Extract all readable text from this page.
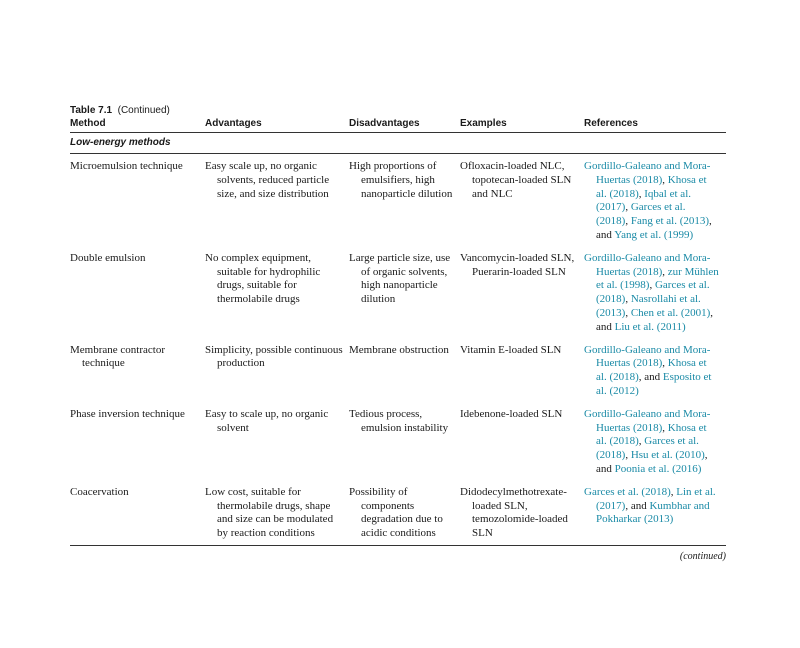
Table 7.1 (Continued)

Method	Advantages	Disadvantages	Examples	References
Low-energy methods				

Microemulsion technique	Easy scale up, no organic solvents, reduced particle size, and size distribution	High proportions of emulsifiers, high nanoparticle dilution	Ofloxacin-loaded NLC, topotecan-loaded SLN and NLC	Gordillo-Galeano and Mora-Huertas (2018), Khosa et al. (2018), Iqbal et al. (2017), Garces et al. (2018), Fang et al. (2013), and Yang et al. (1999)

Double emulsion	No complex equipment, suitable for hydrophilic drugs, suitable for thermolabile drugs	Large particle size, use of organic solvents, high nanoparticle dilution	Vancomycin-loaded SLN, Puerarin-loaded SLN	Gordillo-Galeano and Mora-Huertas (2018), zur Mühlen et al. (1998), Garces et al. (2018), Nasrollahi et al. (2013), Chen et al. (2001), and Liu et al. (2011)

Membrane contractor technique	Simplicity, possible continuous production	Membrane obstruction	Vitamin E-loaded SLN	Gordillo-Galeano and Mora-Huertas (2018), Khosa et al. (2018), and Esposito et al. (2012)

Phase inversion technique	Easy to scale up, no organic solvent	Tedious process, emulsion instability	Idebenone-loaded SLN	Gordillo-Galeano and Mora-Huertas (2018), Khosa et al. (2018), Garces et al. (2018), Hsu et al. (2010), and Poonia et al. (2016)

Coacervation	Low cost, suitable for thermolabile drugs, shape and size can be modulated by reaction conditions	Possibility of components degradation due to acidic conditions	Didodecylmethotrexate-loaded SLN, temozolomide-loaded SLN	Garces et al. (2018), Lin et al. (2017), and Kumbhar and Pokharkar (2013)
(continued)
